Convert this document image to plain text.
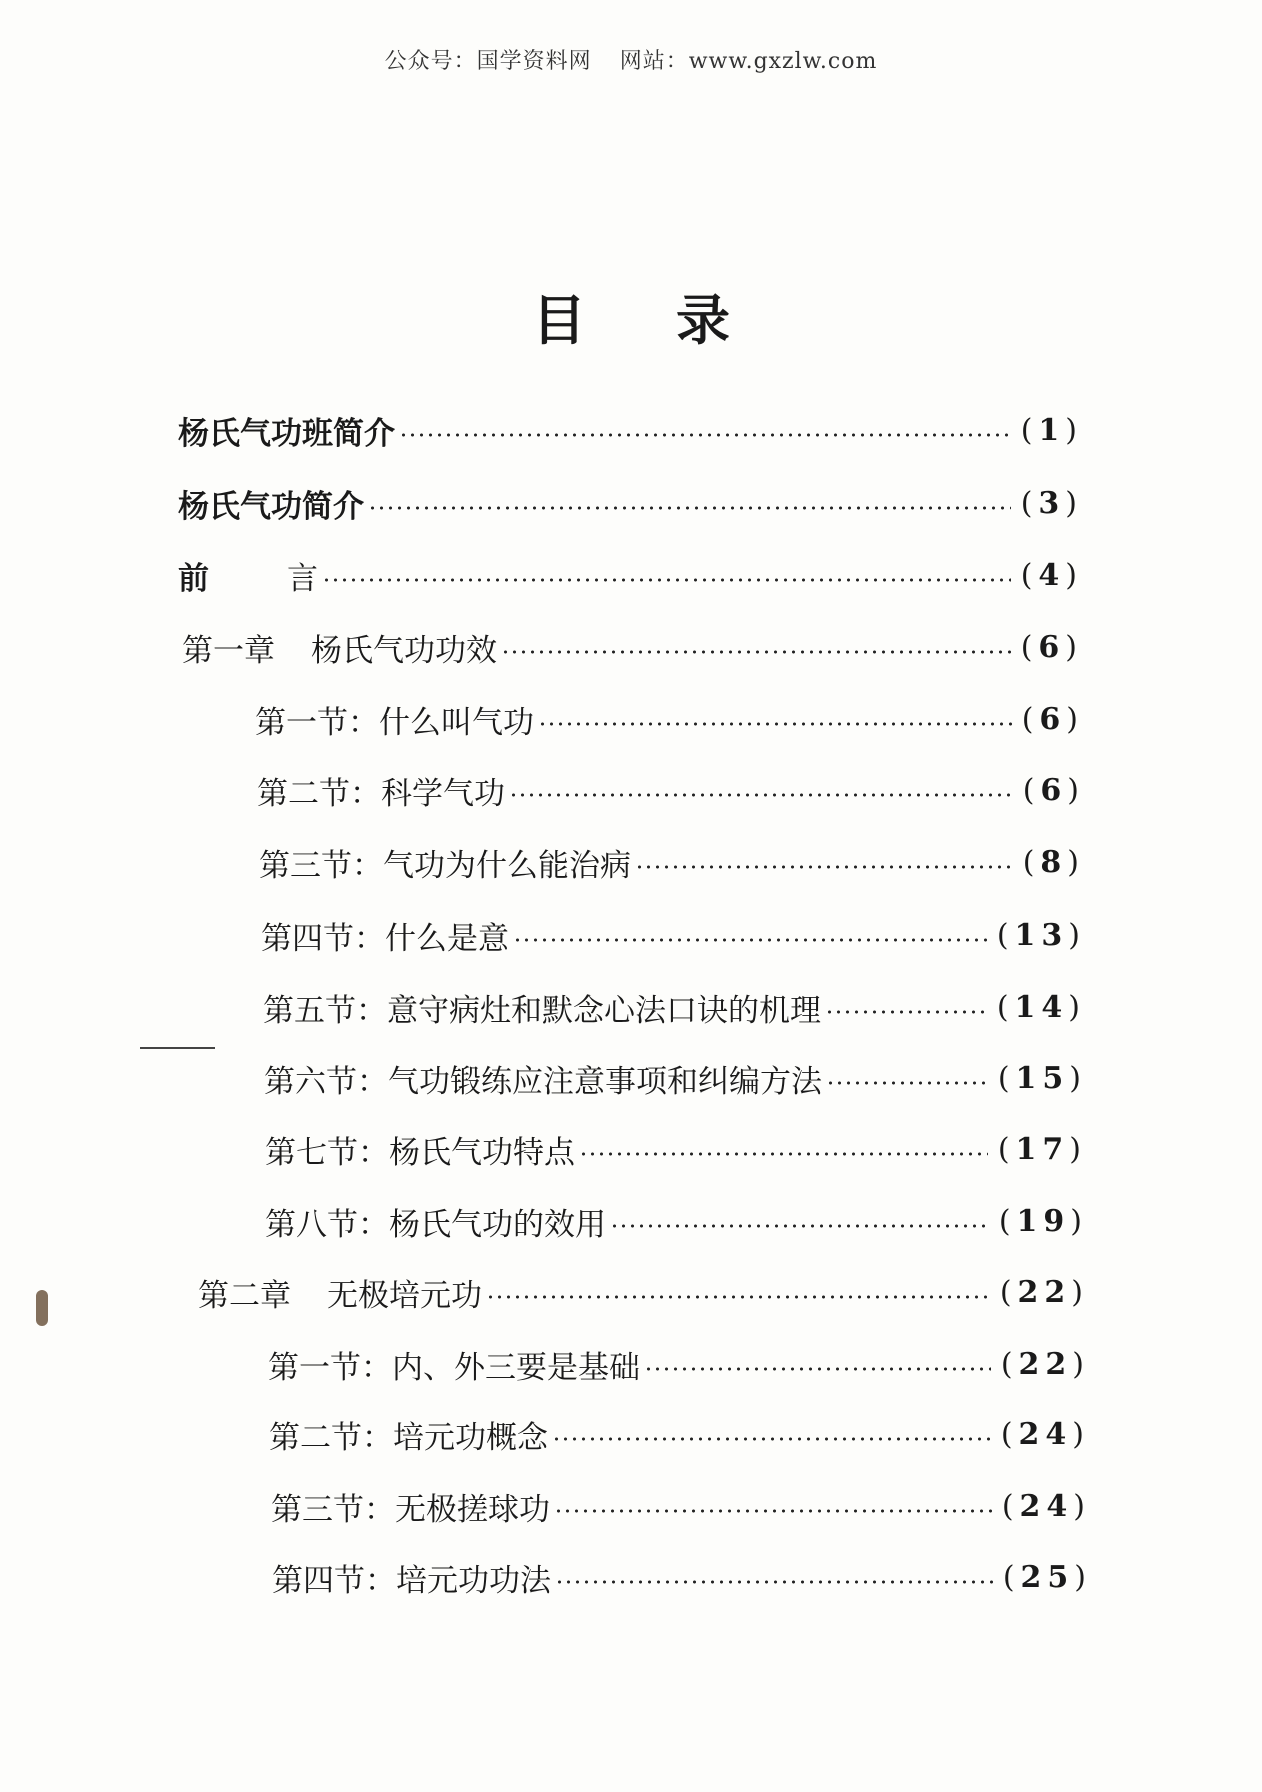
公众号：国学资料网 网站：www.gxzlw.com
目录
杨氏气功班简介	(1)
杨氏气功简介	(3)
前	言	(4)
第一章 杨氏气功功效	(6)
第一节：什么叫气功	(6)
第二节：科学气功	(6)
第三节：气功为什么能治病	(8)
第四节：什么是意	(13)
第五节：意守病灶和默念心法口诀的机理	(14)
第六节：气功锻练应注意事项和纠编方法	(15)
第七节：杨氏气功特点	(17)
第八节：杨氏气功的效用	(19)
第二章 无极培元功	(22)
第一节：内、外三要是基础	(22)
第二节：培元功概念	(24)
第三节：无极搓球功	(24)
第四节：培元功功法	(25)
